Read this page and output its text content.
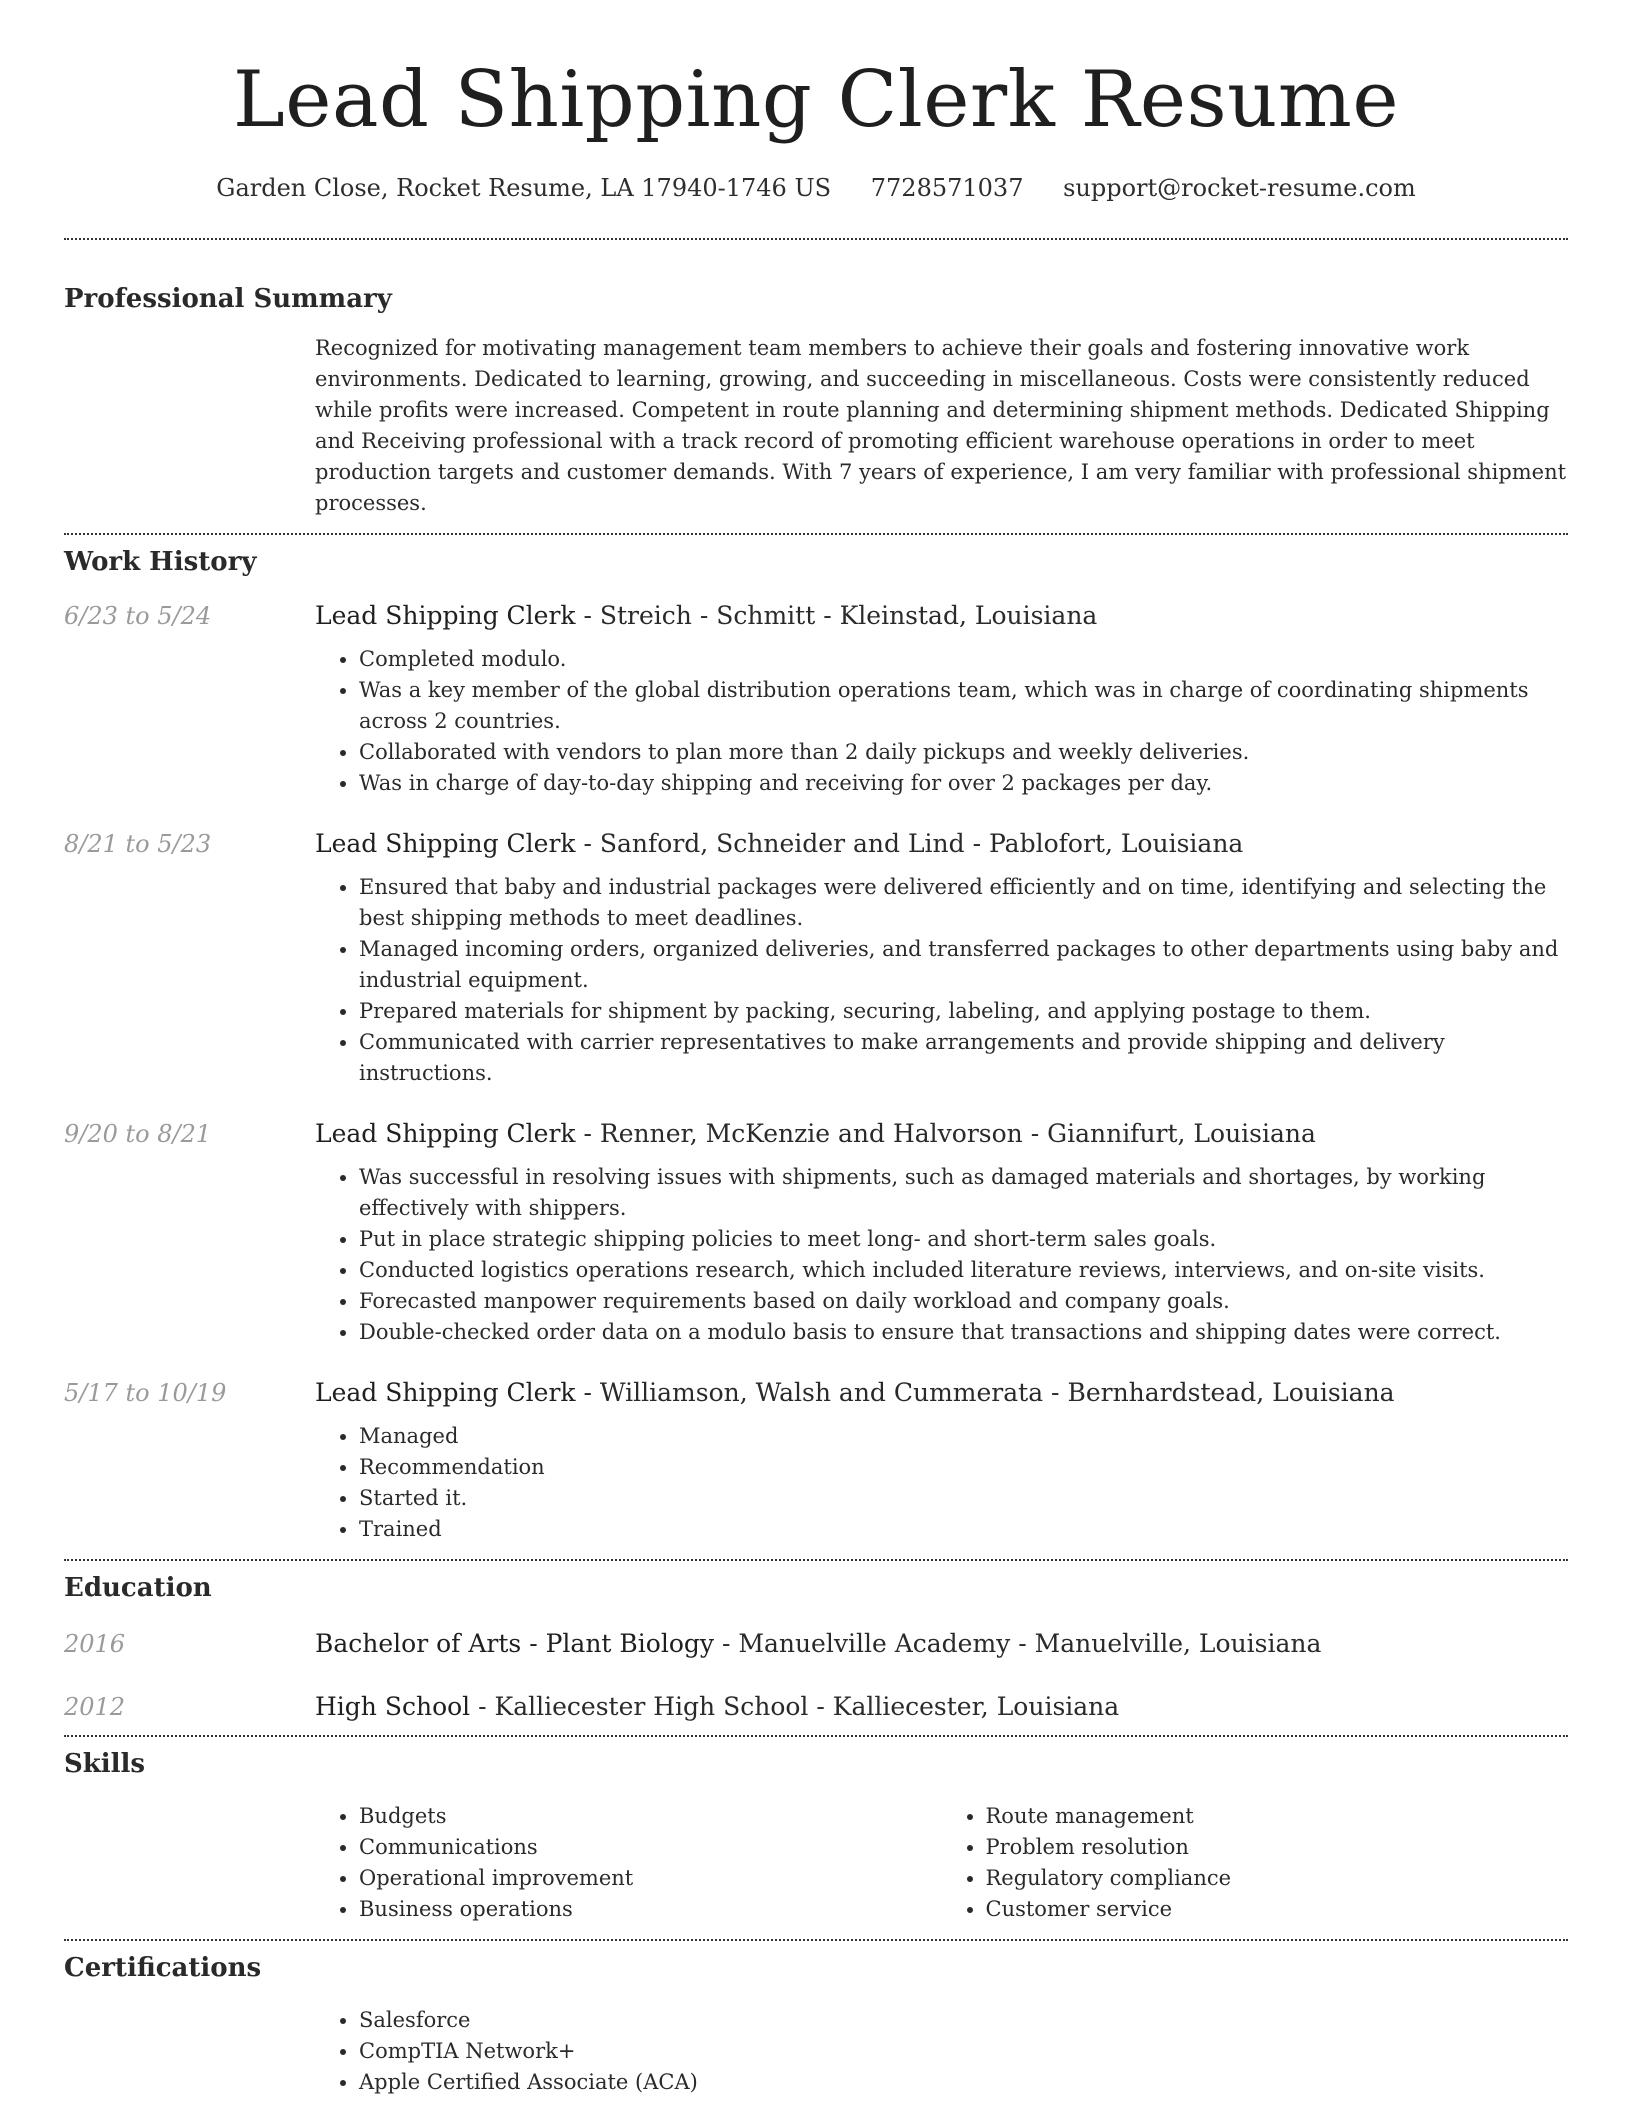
Lead Shipping Clerk Resume
Garden Close, Rocket Resume, LA 17940-1746 US 7728571037 support@rocket-resume.com
Professional Summary

Recognized for motivating management team members to achieve their goals and fostering innovative work environments. Dedicated to learning, growing, and succeeding in miscellaneous. Costs were consistently reduced while profits were increased. Competent in route planning and determining shipment methods. Dedicated Shipping and Receiving professional with a track record of promoting efficient warehouse operations in order to meet production targets and customer demands. With 7 years of experience, I am very familiar with professional shipment processes.

Work History
6/23 to 5/24	Lead Shipping Clerk - Streich - Schmitt - Kleinstad, Louisiana
• Completed modulo.
• Was a key member of the global distribution operations team, which was in charge of coordinating shipments across 2 countries.
• Collaborated with vendors to plan more than 2 daily pickups and weekly deliveries.
• Was in charge of day-to-day shipping and receiving for over 2 packages per day.
8/21 to 5/23	Lead Shipping Clerk - Sanford, Schneider and Lind - Pablofort, Louisiana
• Ensured that baby and industrial packages were delivered efficiently and on time, identifying and selecting the best shipping methods to meet deadlines.
• Managed incoming orders, organized deliveries, and transferred packages to other departments using baby and industrial equipment.
• Prepared materials for shipment by packing, securing, labeling, and applying postage to them.
• Communicated with carrier representatives to make arrangements and provide shipping and delivery instructions.
9/20 to 8/21	Lead Shipping Clerk - Renner, McKenzie and Halvorson - Giannifurt, Louisiana
• Was successful in resolving issues with shipments, such as damaged materials and shortages, by working effectively with shippers.
• Put in place strategic shipping policies to meet long- and short-term sales goals.
• Conducted logistics operations research, which included literature reviews, interviews, and on-site visits.
• Forecasted manpower requirements based on daily workload and company goals.
• Double-checked order data on a modulo basis to ensure that transactions and shipping dates were correct.
5/17 to 10/19	Lead Shipping Clerk - Williamson, Walsh and Cummerata - Bernhardstead, Louisiana
• Managed
• Recommendation
• Started it.
• Trained
Education
2016	Bachelor of Arts - Plant Biology - Manuelville Academy - Manuelville, Louisiana
2012	High School - Kalliecester High School - Kalliecester, Louisiana
Skills
• Budgets
• Communications
• Operational improvement
• Business operations
• Route management
• Problem resolution
• Regulatory compliance
• Customer service
Certifications
• Salesforce
• CompTIA Network+
• Apple Certified Associate (ACA)
